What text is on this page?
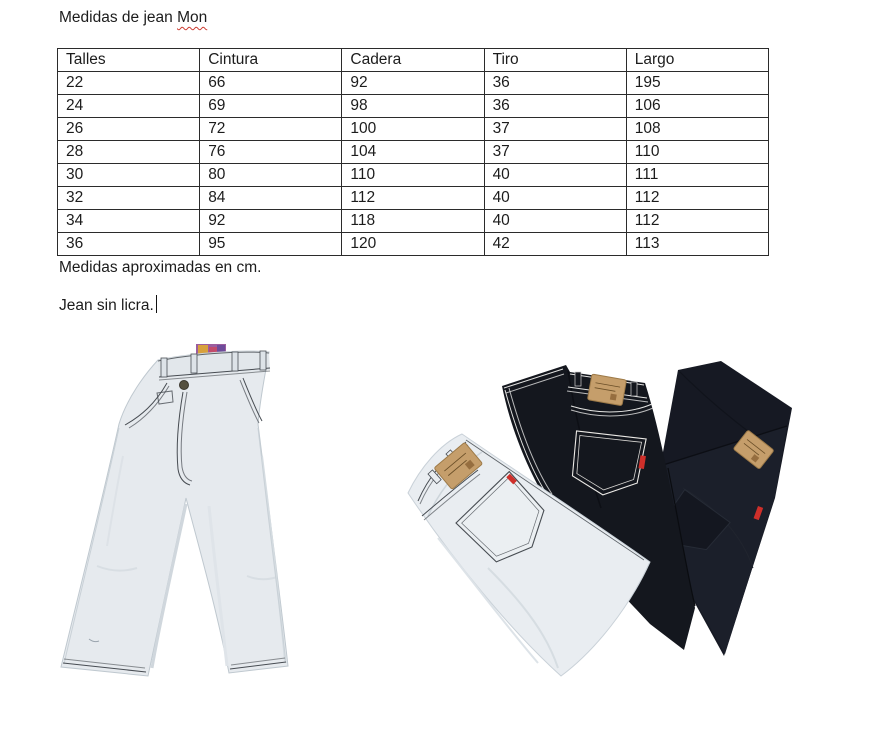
Medidas de jean Mon

Talles	Cintura	Cadera	Tiro	Largo
22	66	92	36	195
24	69	98	36	106
26	72	100	37	108
28	76	104	37	110
30	80	110	40	111
32	84	112	40	112
34	92	118	40	112
36	95	120	42	113

Medidas aproximadas en cm.

Jean sin licra.
